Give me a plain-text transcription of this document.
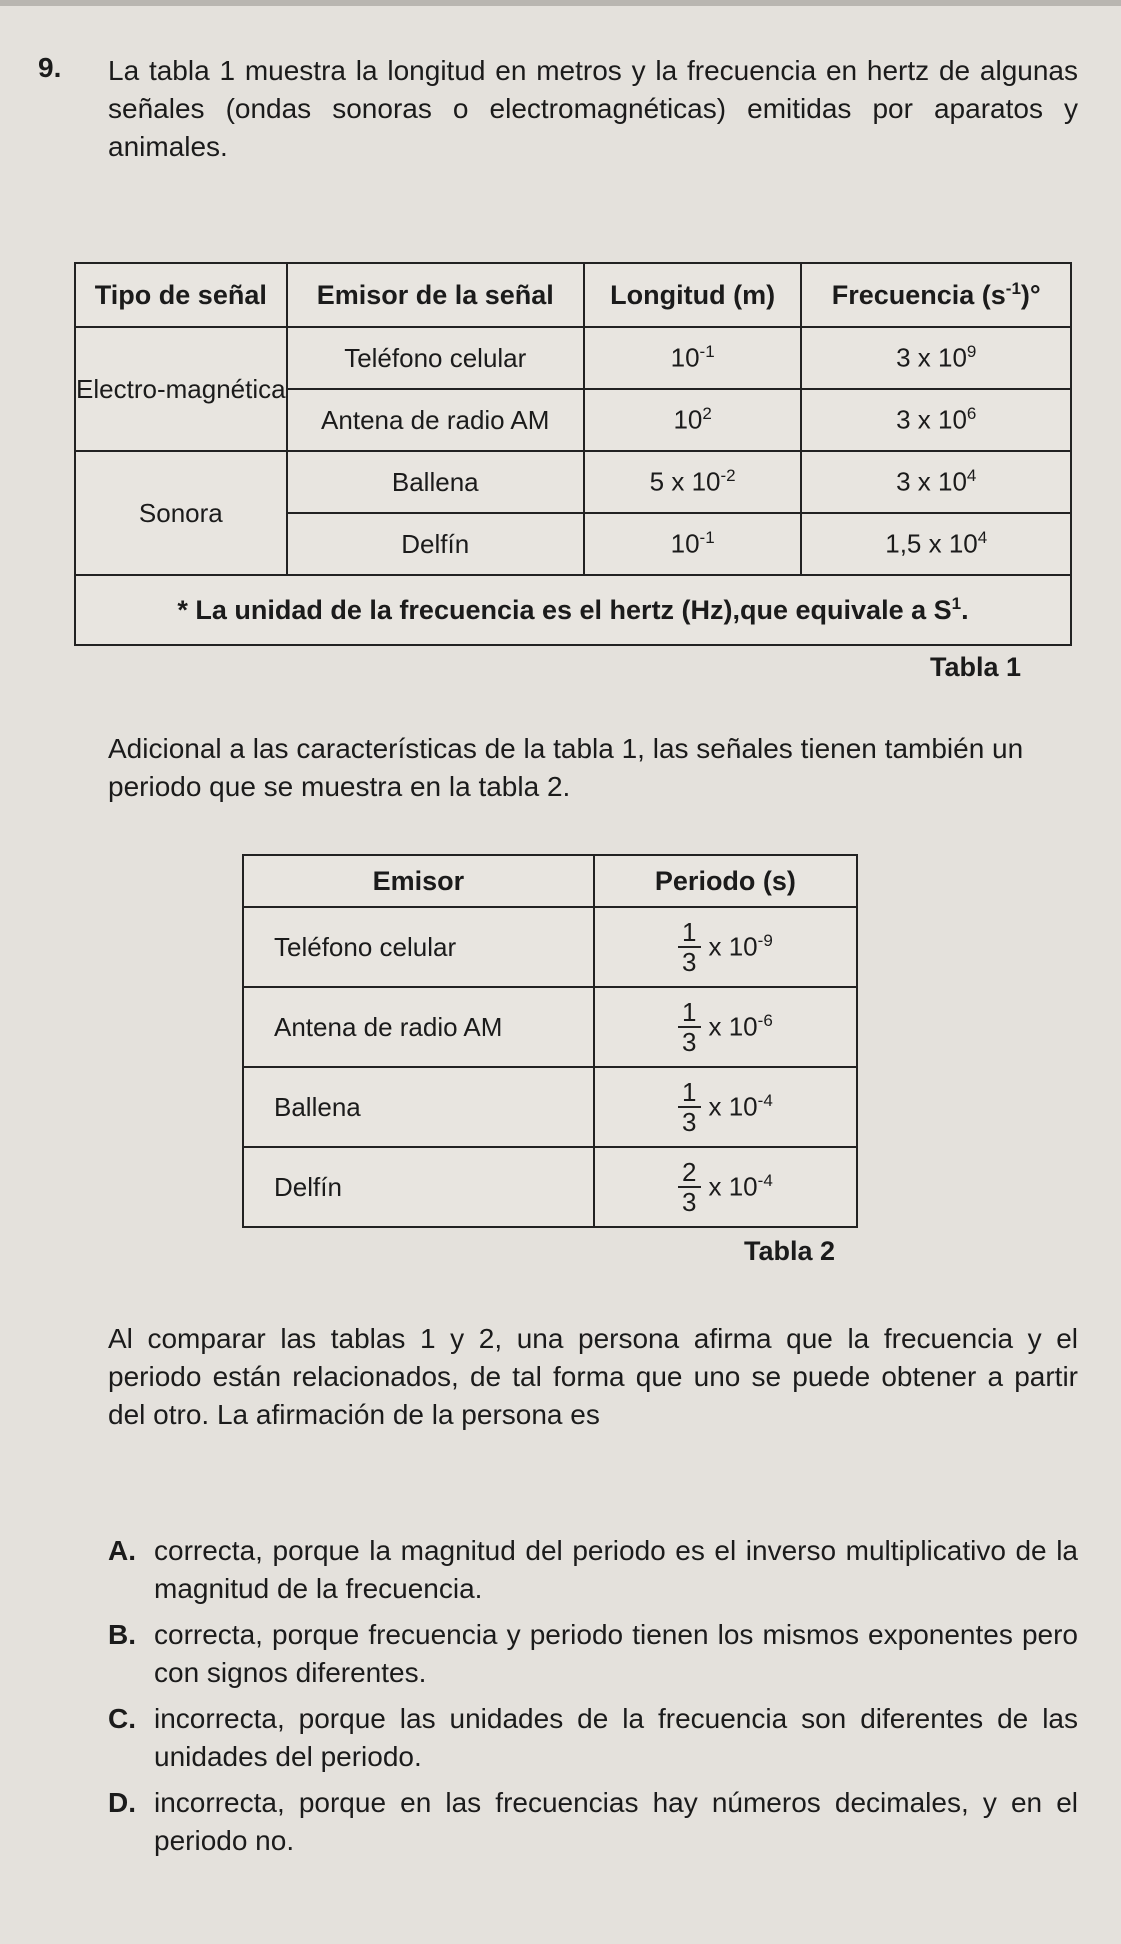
9. La tabla 1 muestra la longitud en metros y la frecuencia en hertz de algunas señales (ondas sonoras o electromagnéticas) emitidas por aparatos y animales.
Tipo de señal	Emisor de la señal	Longitud (m)	Frecuencia $(s^{-1})^\circ$
Electro-magnética	Teléfono celular	$10^{-1}$	3 x $10^9$
	Antena de radio AM	$10^2$	3 x $10^6$
Sonora	Ballena	5 x $10^{-2}$	3 x $10^4$
	Delfín	$10^{-1}$	1,5 x $10^4$
* La unidad de la frecuencia es el hertz (Hz),que equivale a $S^1$.			
Tabla 1
Adicional a las características de la tabla 1, las señales tienen también un periodo que se muestra en la tabla 2.
Emisor	Periodo (s)
Teléfono celular	$\frac{1}{3}$ x $10^{-9}$
Antena de radio AM	$\frac{1}{3}$ x $10^{-6}$
Ballena	$\frac{1}{3}$ x $10^{-4}$
Delfín	$\frac{2}{3}$ x $10^{-4}$
Tabla 2
Al comparar las tablas 1 y 2, una persona afirma que la frecuencia y el periodo están relacionados, de tal forma que uno se puede obtener a partir del otro. La afirmación de la persona es
A. correcta, porque la magnitud del periodo es el inverso multiplicativo de la magnitud de la frecuencia.
B. correcta, porque frecuencia y periodo tienen los mismos exponentes pero con signos diferentes.
C. incorrecta, porque las unidades de la frecuencia son diferentes de las unidades del periodo.
D. incorrecta, porque en las frecuencias hay números decimales, y en el periodo no.
